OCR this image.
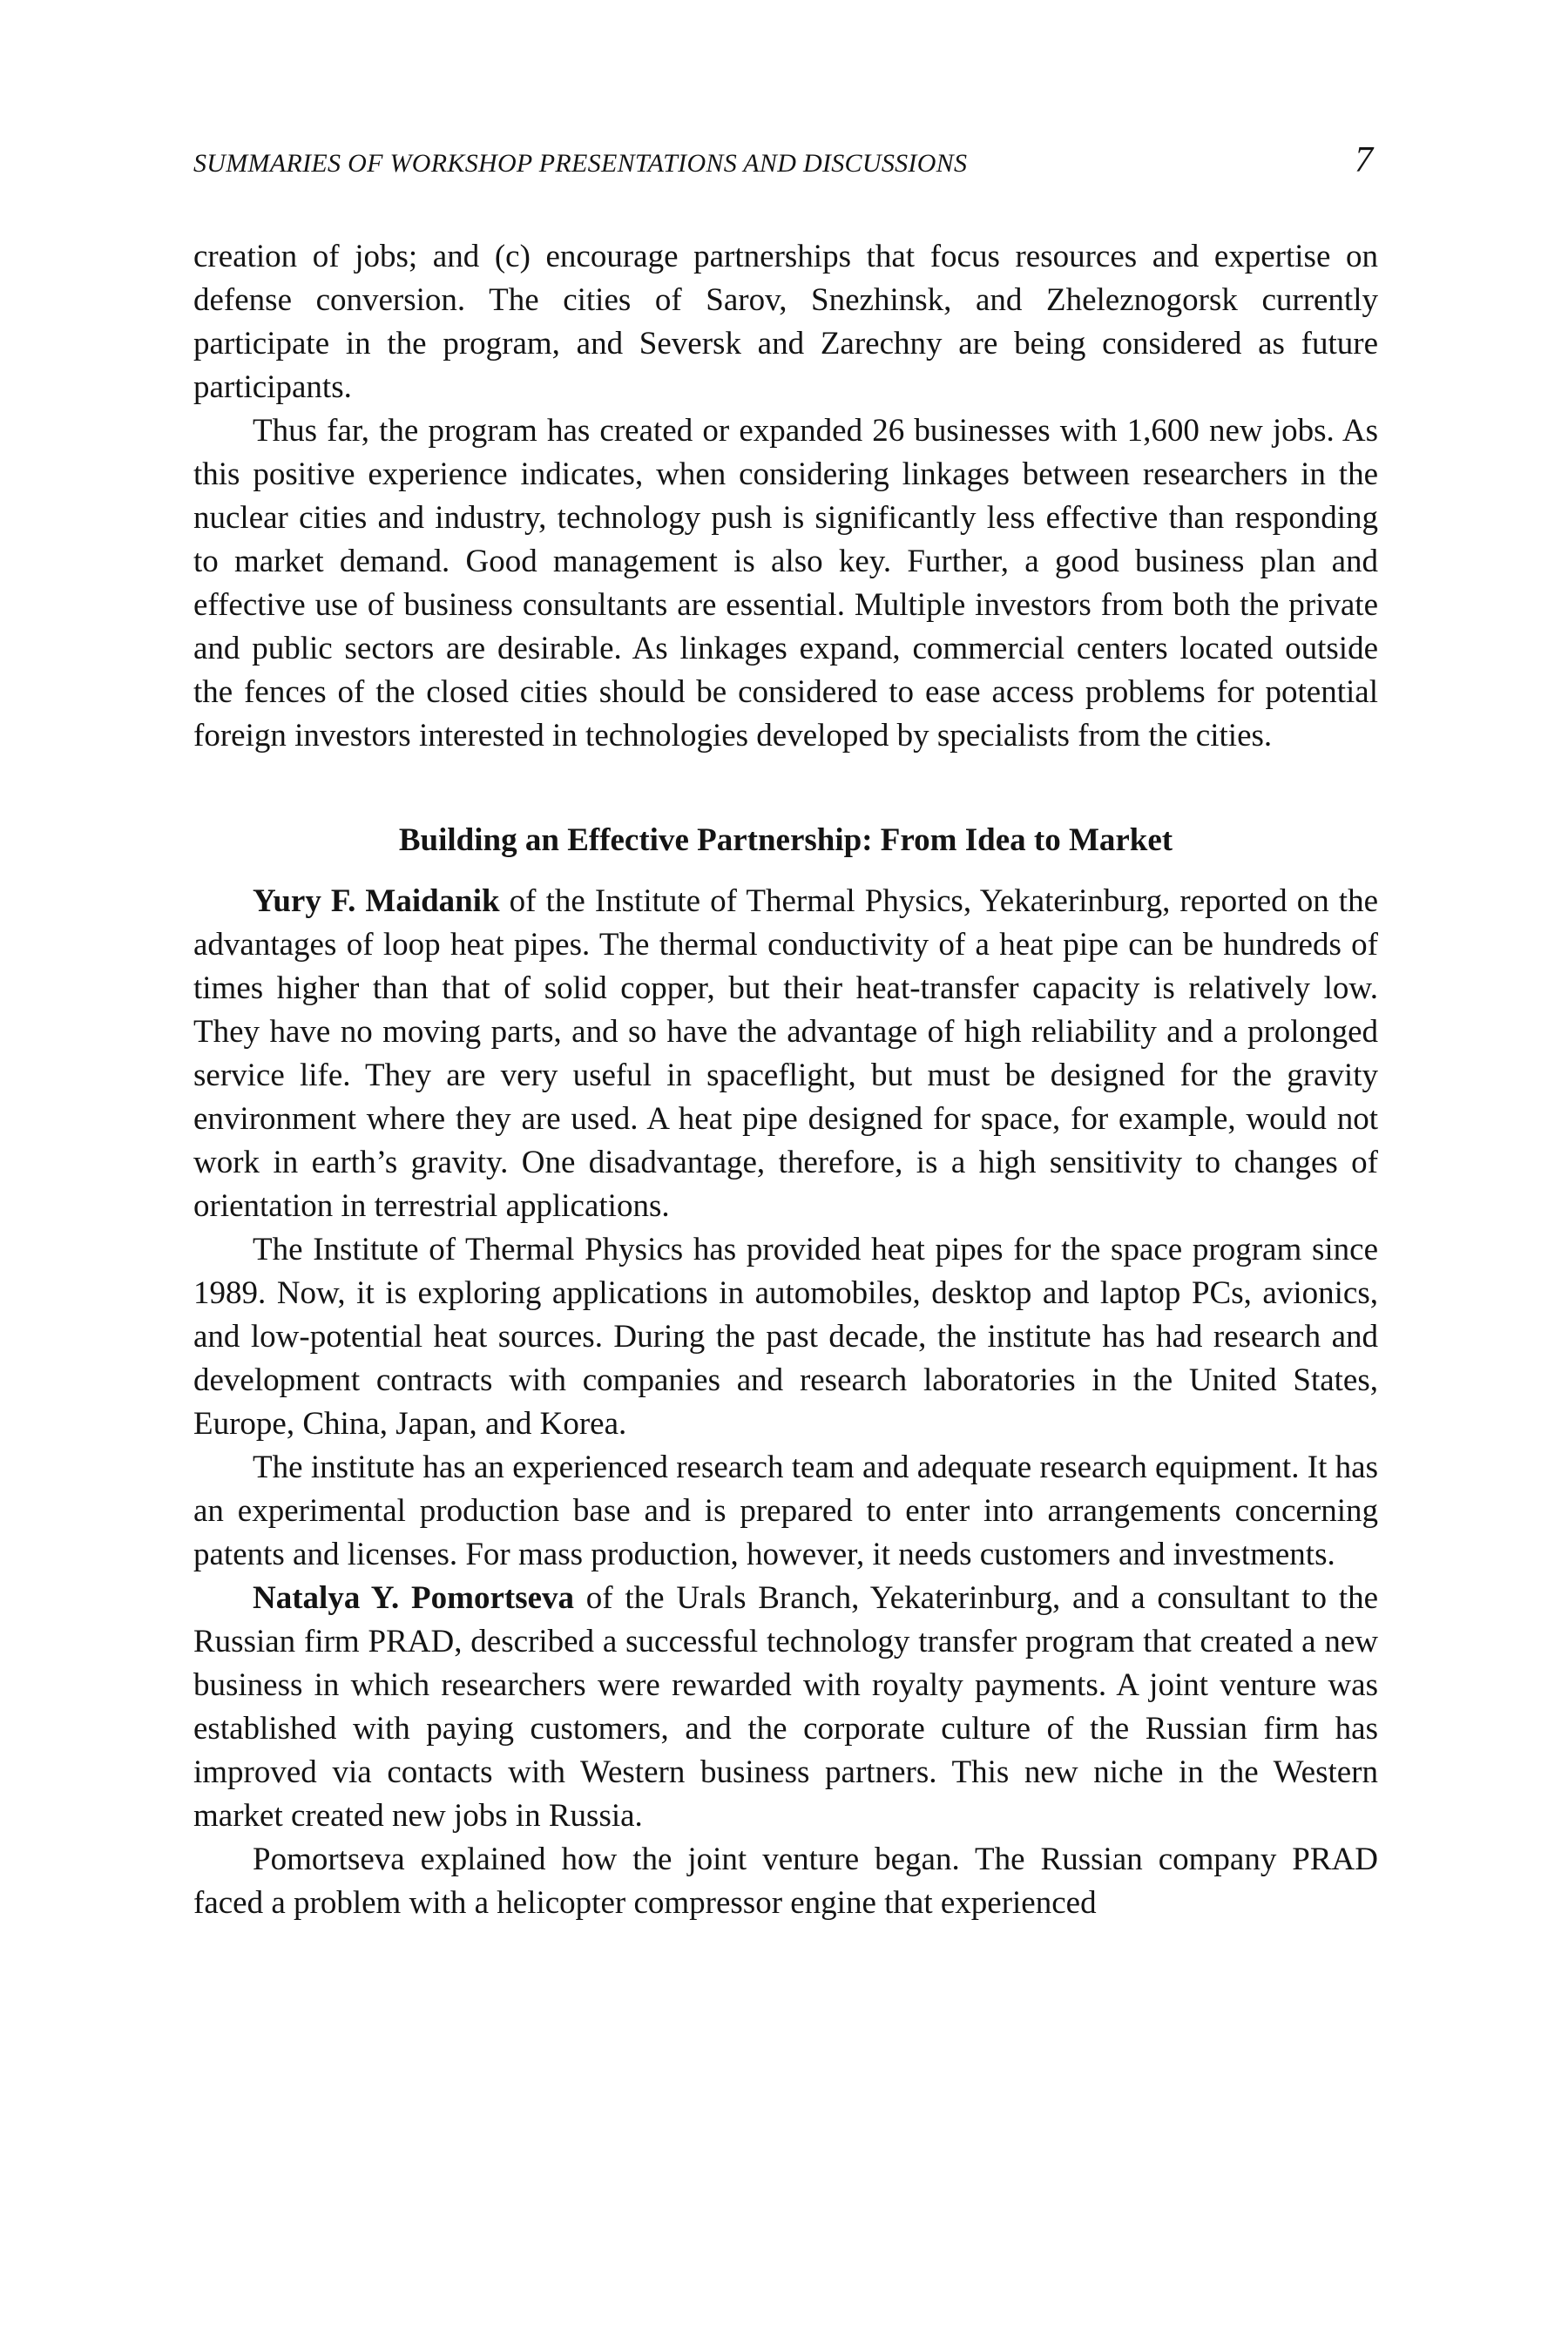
SUMMARIES OF WORKSHOP PRESENTATIONS AND DISCUSSIONS	7

creation of jobs; and (c) encourage partnerships that focus resources and expertise on defense conversion. The cities of Sarov, Snezhinsk, and Zheleznogorsk currently participate in the program, and Seversk and Zarechny are being considered as future participants.

Thus far, the program has created or expanded 26 businesses with 1,600 new jobs. As this positive experience indicates, when considering linkages between researchers in the nuclear cities and industry, technology push is significantly less effective than responding to market demand. Good management is also key. Further, a good business plan and effective use of business consultants are essential. Multiple investors from both the private and public sectors are desirable. As linkages expand, commercial centers located outside the fences of the closed cities should be considered to ease access problems for potential foreign investors interested in technologies developed by specialists from the cities.

Building an Effective Partnership: From Idea to Market

Yury F. Maidanik of the Institute of Thermal Physics, Yekaterinburg, reported on the advantages of loop heat pipes. The thermal conductivity of a heat pipe can be hundreds of times higher than that of solid copper, but their heat-transfer capacity is relatively low. They have no moving parts, and so have the advantage of high reliability and a prolonged service life. They are very useful in spaceflight, but must be designed for the gravity environment where they are used. A heat pipe designed for space, for example, would not work in earth’s gravity. One disadvantage, therefore, is a high sensitivity to changes of orientation in terrestrial applications.

The Institute of Thermal Physics has provided heat pipes for the space program since 1989. Now, it is exploring applications in automobiles, desktop and laptop PCs, avionics, and low-potential heat sources. During the past decade, the institute has had research and development contracts with companies and research laboratories in the United States, Europe, China, Japan, and Korea.

The institute has an experienced research team and adequate research equipment. It has an experimental production base and is prepared to enter into arrangements concerning patents and licenses. For mass production, however, it needs customers and investments.

Natalya Y. Pomortseva of the Urals Branch, Yekaterinburg, and a consultant to the Russian firm PRAD, described a successful technology transfer program that created a new business in which researchers were rewarded with royalty payments. A joint venture was established with paying customers, and the corporate culture of the Russian firm has improved via contacts with Western business partners. This new niche in the Western market created new jobs in Russia.

Pomortseva explained how the joint venture began. The Russian company PRAD faced a problem with a helicopter compressor engine that experienced
